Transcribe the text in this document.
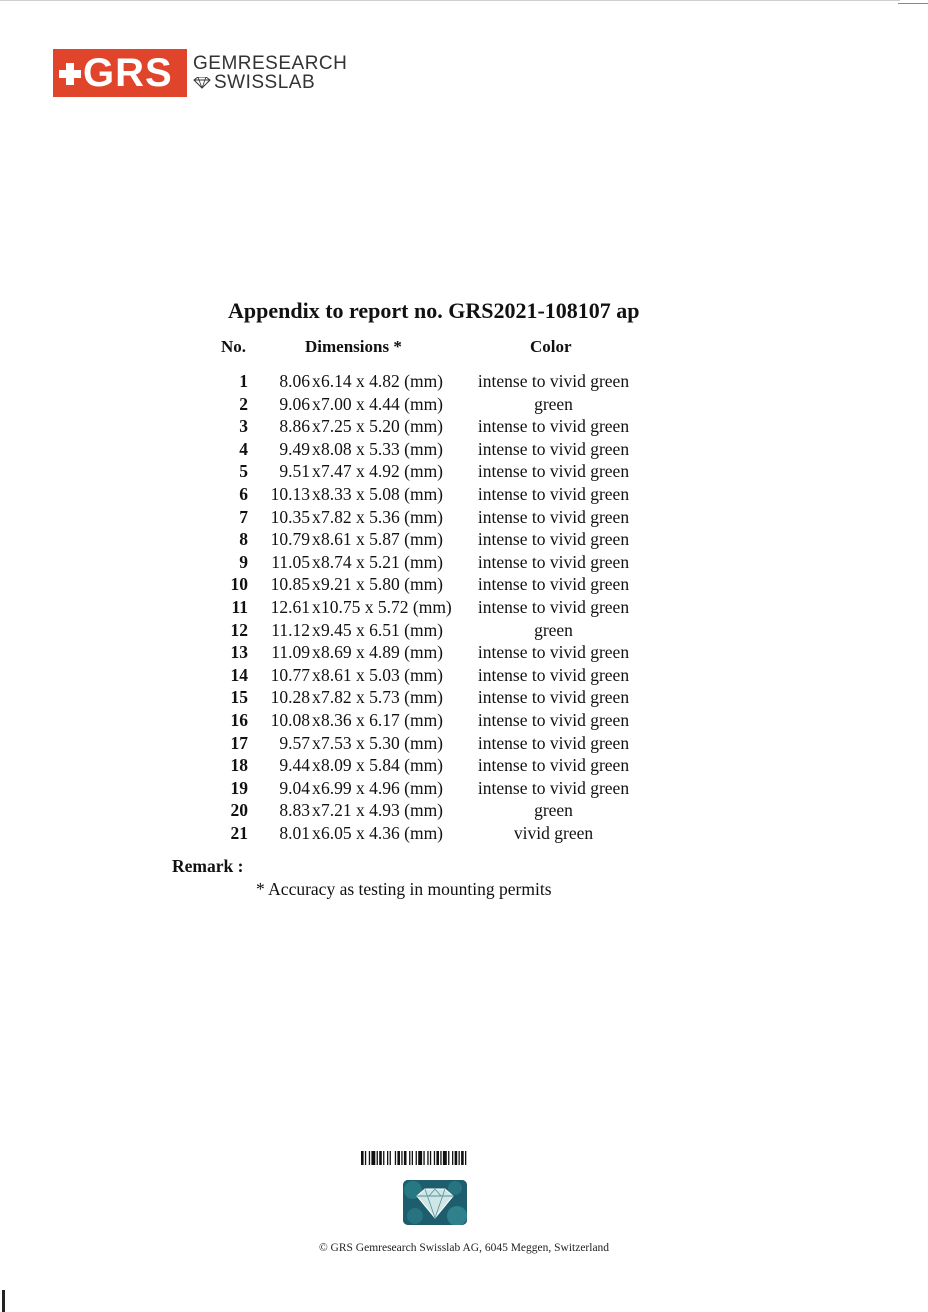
GRS GEMRESEARCH
SWISSLAB
Appendix to report no. GRS2021-108107 ap
No.	Dimensions *	Color
1 8.06 x 6.14 x 4.82 (mm)	intense to vivid green
2 9.06 x 7.00 x 4.44 (mm)	green
3 8.86 x 7.25 x 5.20 (mm)	intense to vivid green
4 9.49 x 8.08 x 5.33 (mm)	intense to vivid green
5 9.51 x 7.47 x 4.92 (mm)	intense to vivid green
6 10.13 x 8.33 x 5.08 (mm)	intense to vivid green
7 10.35 x 7.82 x 5.36 (mm)	intense to vivid green
8 10.79 x 8.61 x 5.87 (mm)	intense to vivid green
9 11.05 x 8.74 x 5.21 (mm)	intense to vivid green
10 10.85 x 9.21 x 5.80 (mm)	intense to vivid green
11 12.61 x 10.75 x 5.72 (mm)	intense to vivid green
12 11.12 x 9.45 x 6.51 (mm)	green
13 11.09 x 8.69 x 4.89 (mm)	intense to vivid green
14 10.77 x 8.61 x 5.03 (mm)	intense to vivid green
15 10.28 x 7.82 x 5.73 (mm)	intense to vivid green
16 10.08 x 8.36 x 6.17 (mm)	intense to vivid green
17 9.57 x 7.53 x 5.30 (mm)	intense to vivid green
18 9.44 x 8.09 x 5.84 (mm)	intense to vivid green
19 9.04 x 6.99 x 4.96 (mm)	intense to vivid green
20 8.83 x 7.21 x 4.93 (mm)	green
21 8.01 x 6.05 x 4.36 (mm)	vivid green
Remark :
* Accuracy as testing in mounting permits
© GRS Gemresearch Swisslab AG, 6045 Meggen, Switzerland
